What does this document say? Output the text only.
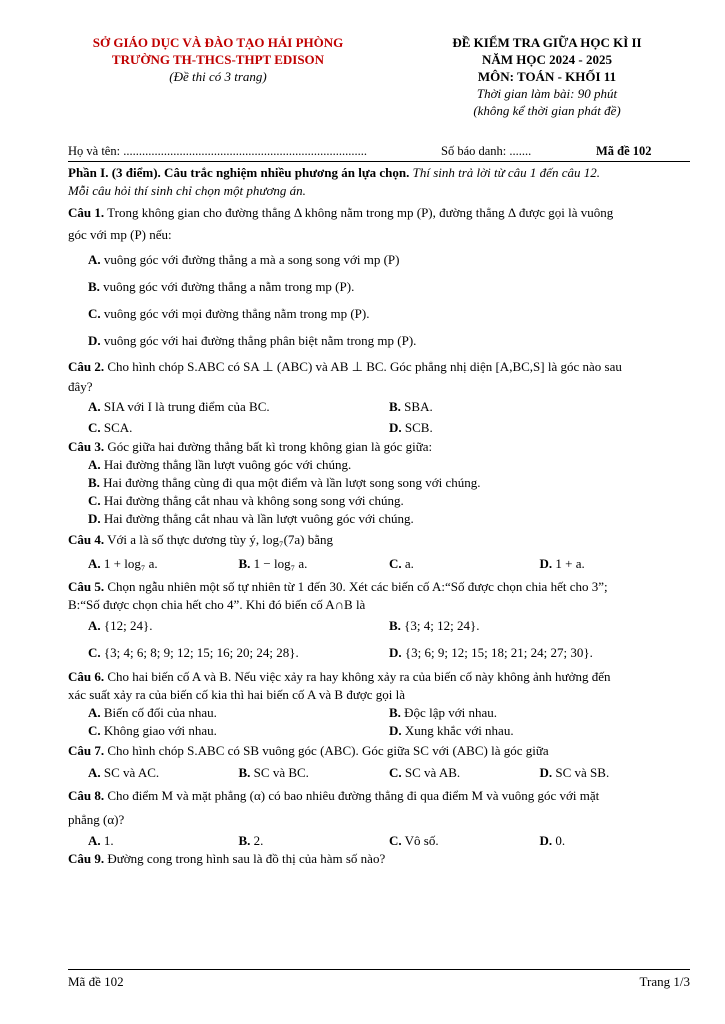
SỞ GIÁO DỤC VÀ ĐÀO TẠO HẢI PHÒNG
TRƯỜNG TH-THCS-THPT EDISON
(Đề thi có 3 trang)
ĐỀ KIỂM TRA GIỮA HỌC KÌ II
NĂM HỌC 2024 - 2025
MÔN: TOÁN - KHỐI 11
Thời gian làm bài: 90 phút
(không kể thời gian phát đề)
Họ và tên: ..............................................................................	Số báo danh: .......	Mã đề 102
Phần I. (3 điểm). Câu trắc nghiệm nhiều phương án lựa chọn. Thí sinh trả lời từ câu 1 đến câu 12.
Mỗi câu hỏi thí sinh chỉ chọn một phương án.
Câu 1. Trong không gian cho đường thẳng Δ không nằm trong mp (P), đường thẳng Δ được gọi là vuông
góc với mp (P) nếu:
A. vuông góc với đường thẳng a mà a song song với mp (P)
B. vuông góc với đường thẳng a nằm trong mp (P).
C. vuông góc với mọi đường thẳng nằm trong mp (P).
D. vuông góc với hai đường thẳng phân biệt nằm trong mp (P).
Câu 2. Cho hình chóp S.ABC có SA ⊥ (ABC) và AB ⊥ BC. Góc phẳng nhị diện [A,BC,S] là góc nào sau
đây?
A. SIA với I là trung điểm của BC.	B. SBA.
C. SCA.	D. SCB.
Câu 3. Góc giữa hai đường thẳng bất kì trong không gian là góc giữa:
A. Hai đường thẳng lần lượt vuông góc với chúng.
B. Hai đường thẳng cùng đi qua một điểm và lần lượt song song với chúng.
C. Hai đường thẳng cắt nhau và không song song với chúng.
D. Hai đường thẳng cắt nhau và lần lượt vuông góc với chúng.
Câu 4. Với a là số thực dương tùy ý, log₇(7a) bằng
A. 1 + log₇ a.	B. 1 − log₇ a.	C. a.	D. 1 + a.
Câu 5. Chọn ngẫu nhiên một số tự nhiên từ 1 đến 30. Xét các biến cố A:“Số được chọn chia hết cho 3”;
B:“Số được chọn chia hết cho 4”. Khi đó biến cố A∩B là
A. {12; 24}.	B. {3; 4; 12; 24}.
C. {3; 4; 6; 8; 9; 12; 15; 16; 20; 24; 28}.	D. {3; 6; 9; 12; 15; 18; 21; 24; 27; 30}.
Câu 6. Cho hai biến cố A và B. Nếu việc xảy ra hay không xảy ra của biến cố này không ảnh hưởng đến
xác suất xảy ra của biến cố kia thì hai biến cố A và B được gọi là
A. Biến cố đối của nhau.	B. Độc lập với nhau.
C. Không giao với nhau.	D. Xung khắc với nhau.
Câu 7. Cho hình chóp S.ABC có SB vuông góc (ABC). Góc giữa SC với (ABC) là góc giữa
A. SC và AC.	B. SC và BC.	C. SC và AB.	D. SC và SB.
Câu 8. Cho điểm M và mặt phẳng (α) có bao nhiêu đường thẳng đi qua điểm M và vuông góc với mặt
phẳng (α)?
A. 1.	B. 2.	C. Vô số.	D. 0.
Câu 9. Đường cong trong hình sau là đồ thị của hàm số nào?
Mã đề 102	Trang 1/3
